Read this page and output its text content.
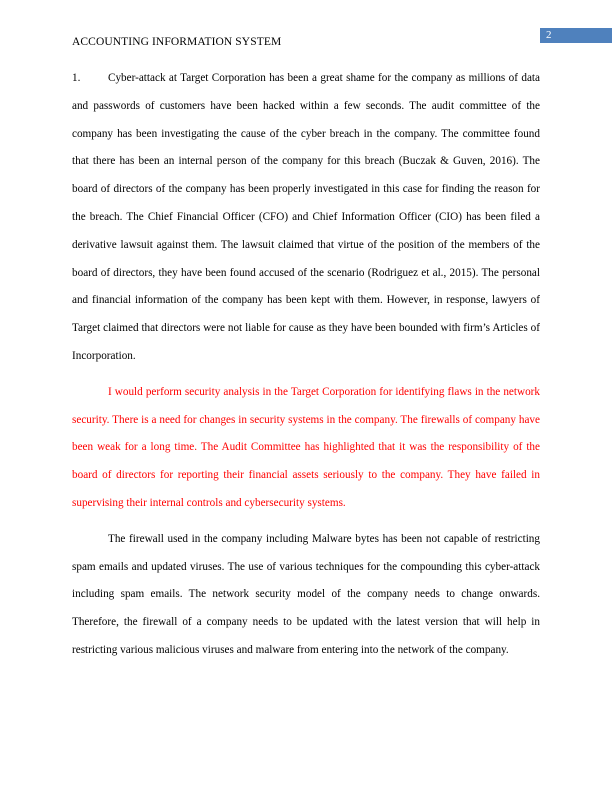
ACCOUNTING INFORMATION SYSTEM
2

1. Cyber-attack at Target Corporation has been a great shame for the company as millions of data and passwords of customers have been hacked within a few seconds. The audit committee of the company has been investigating the cause of the cyber breach in the company. The committee found that there has been an internal person of the company for this breach (Buczak & Guven, 2016). The board of directors of the company has been properly investigated in this case for finding the reason for the breach. The Chief Financial Officer (CFO) and Chief Information Officer (CIO) has been filed a derivative lawsuit against them. The lawsuit claimed that virtue of the position of the members of the board of directors, they have been found accused of the scenario (Rodriguez et al., 2015). The personal and financial information of the company has been kept with them. However, in response, lawyers of Target claimed that directors were not liable for cause as they have been bounded with firm’s Articles of Incorporation.

I would perform security analysis in the Target Corporation for identifying flaws in the network security. There is a need for changes in security systems in the company. The firewalls of company have been weak for a long time. The Audit Committee has highlighted that it was the responsibility of the board of directors for reporting their financial assets seriously to the company. They have failed in supervising their internal controls and cybersecurity systems.

The firewall used in the company including Malware bytes has been not capable of restricting spam emails and updated viruses. The use of various techniques for the compounding this cyber-attack including spam emails. The network security model of the company needs to change onwards. Therefore, the firewall of a company needs to be updated with the latest version that will help in restricting various malicious viruses and malware from entering into the network of the company.
